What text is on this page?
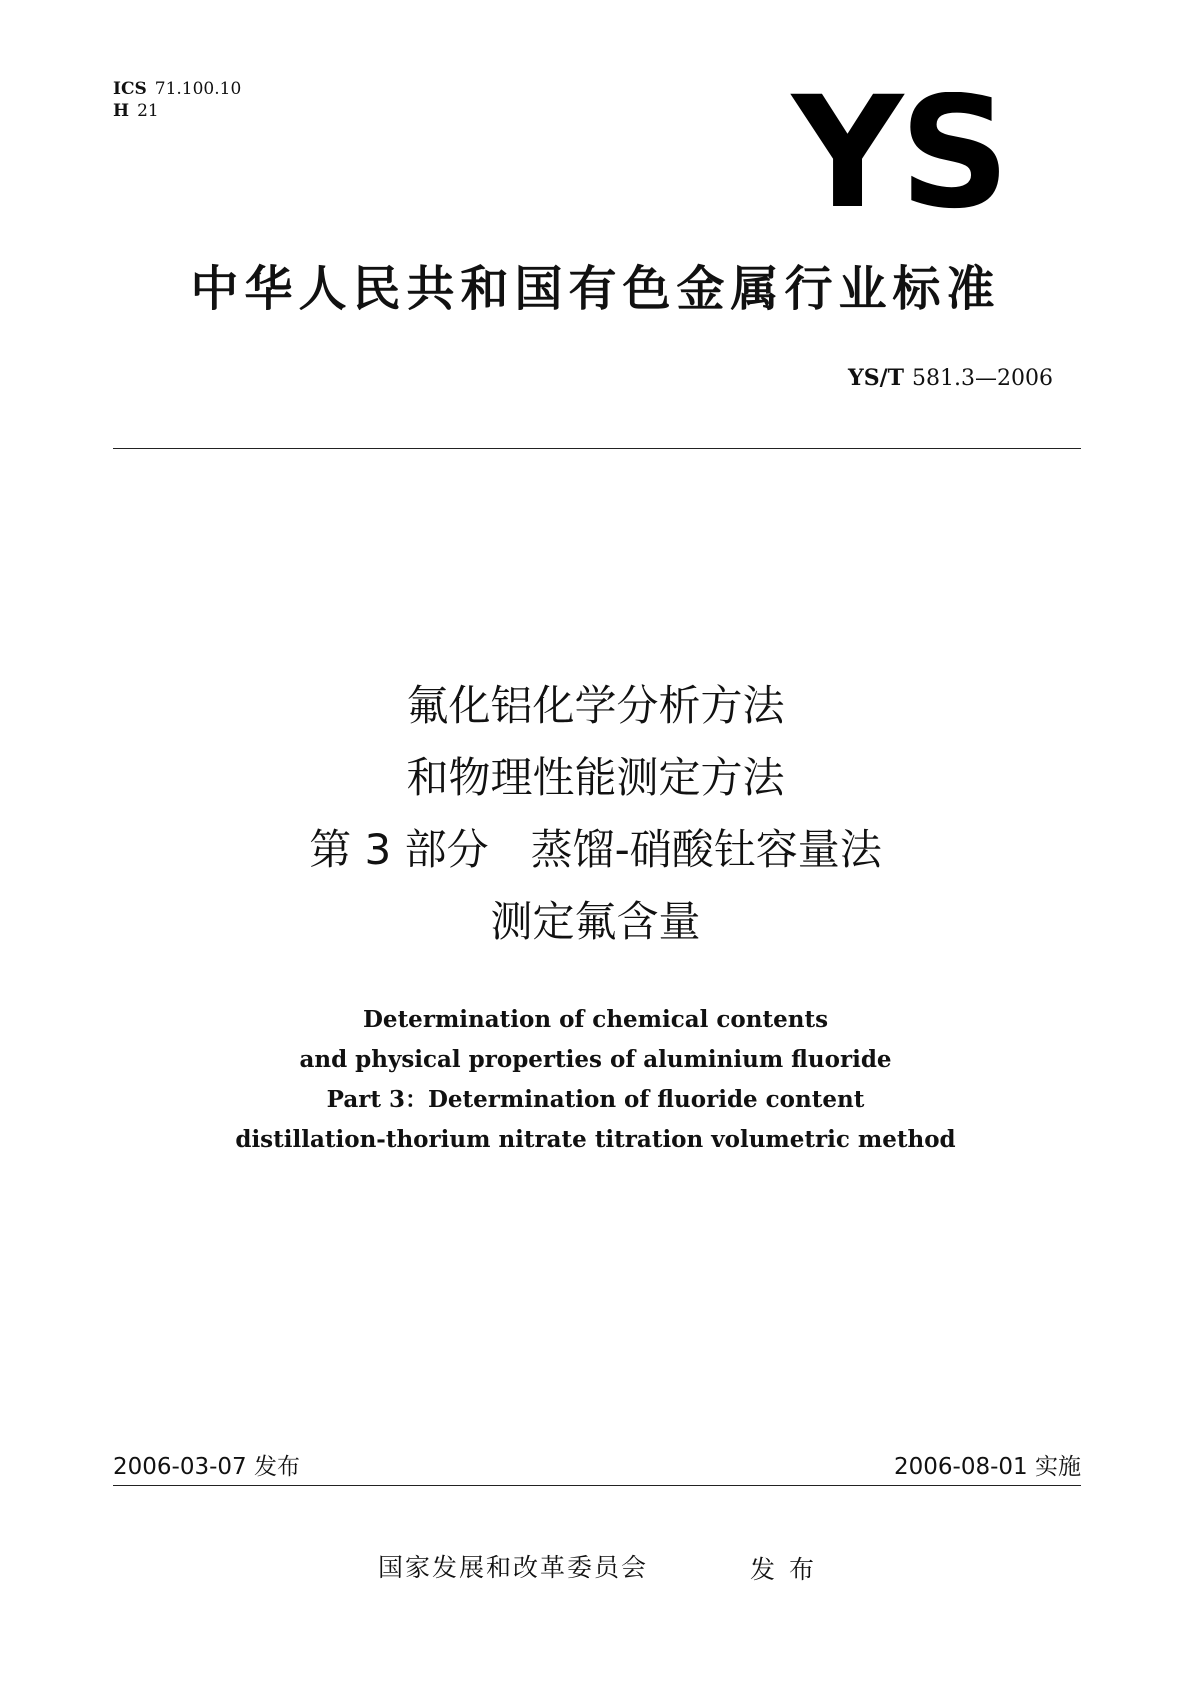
ICS 71.100.10
H 21	YS
中华人民共和国有色金属行业标准
YS/T 581.3—2006
氟化铝化学分析方法
和物理性能测定方法
第 3 部分　蒸馏-硝酸钍容量法
测定氟含量
Determination of chemical contents
and physical properties of aluminium fluoride
Part 3：Determination of fluoride content
distillation-thorium nitrate titration volumetric method
2006-03-07 发布	2006-08-01 实施
国家发展和改革委员会	发布
